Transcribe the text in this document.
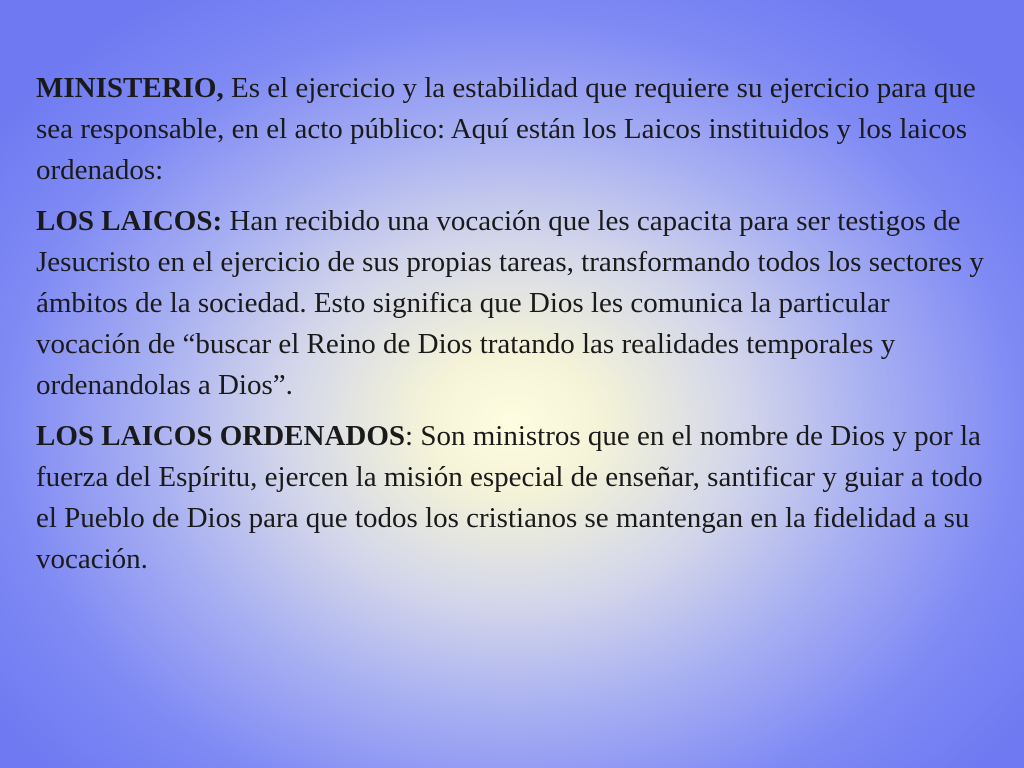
MINISTERIO, Es el ejercicio y la estabilidad que requiere su ejercicio para que sea responsable, en el acto público: Aquí están los Laicos instituidos y los laicos ordenados:

LOS LAICOS: Han recibido una vocación que les capacita para ser testigos de Jesucristo en el ejercicio de sus propias tareas, transformando todos los sectores y ámbitos de la sociedad. Esto significa que Dios les comunica la particular vocación de “buscar el Reino de Dios tratando las realidades temporales y ordenandolas a Dios”.

LOS LAICOS ORDENADOS: Son ministros que en el nombre de Dios y por la fuerza del Espíritu, ejercen la misión especial de enseñar, santificar y guiar a todo el Pueblo de Dios para que todos los cristianos se mantengan en la fidelidad a su vocación.
